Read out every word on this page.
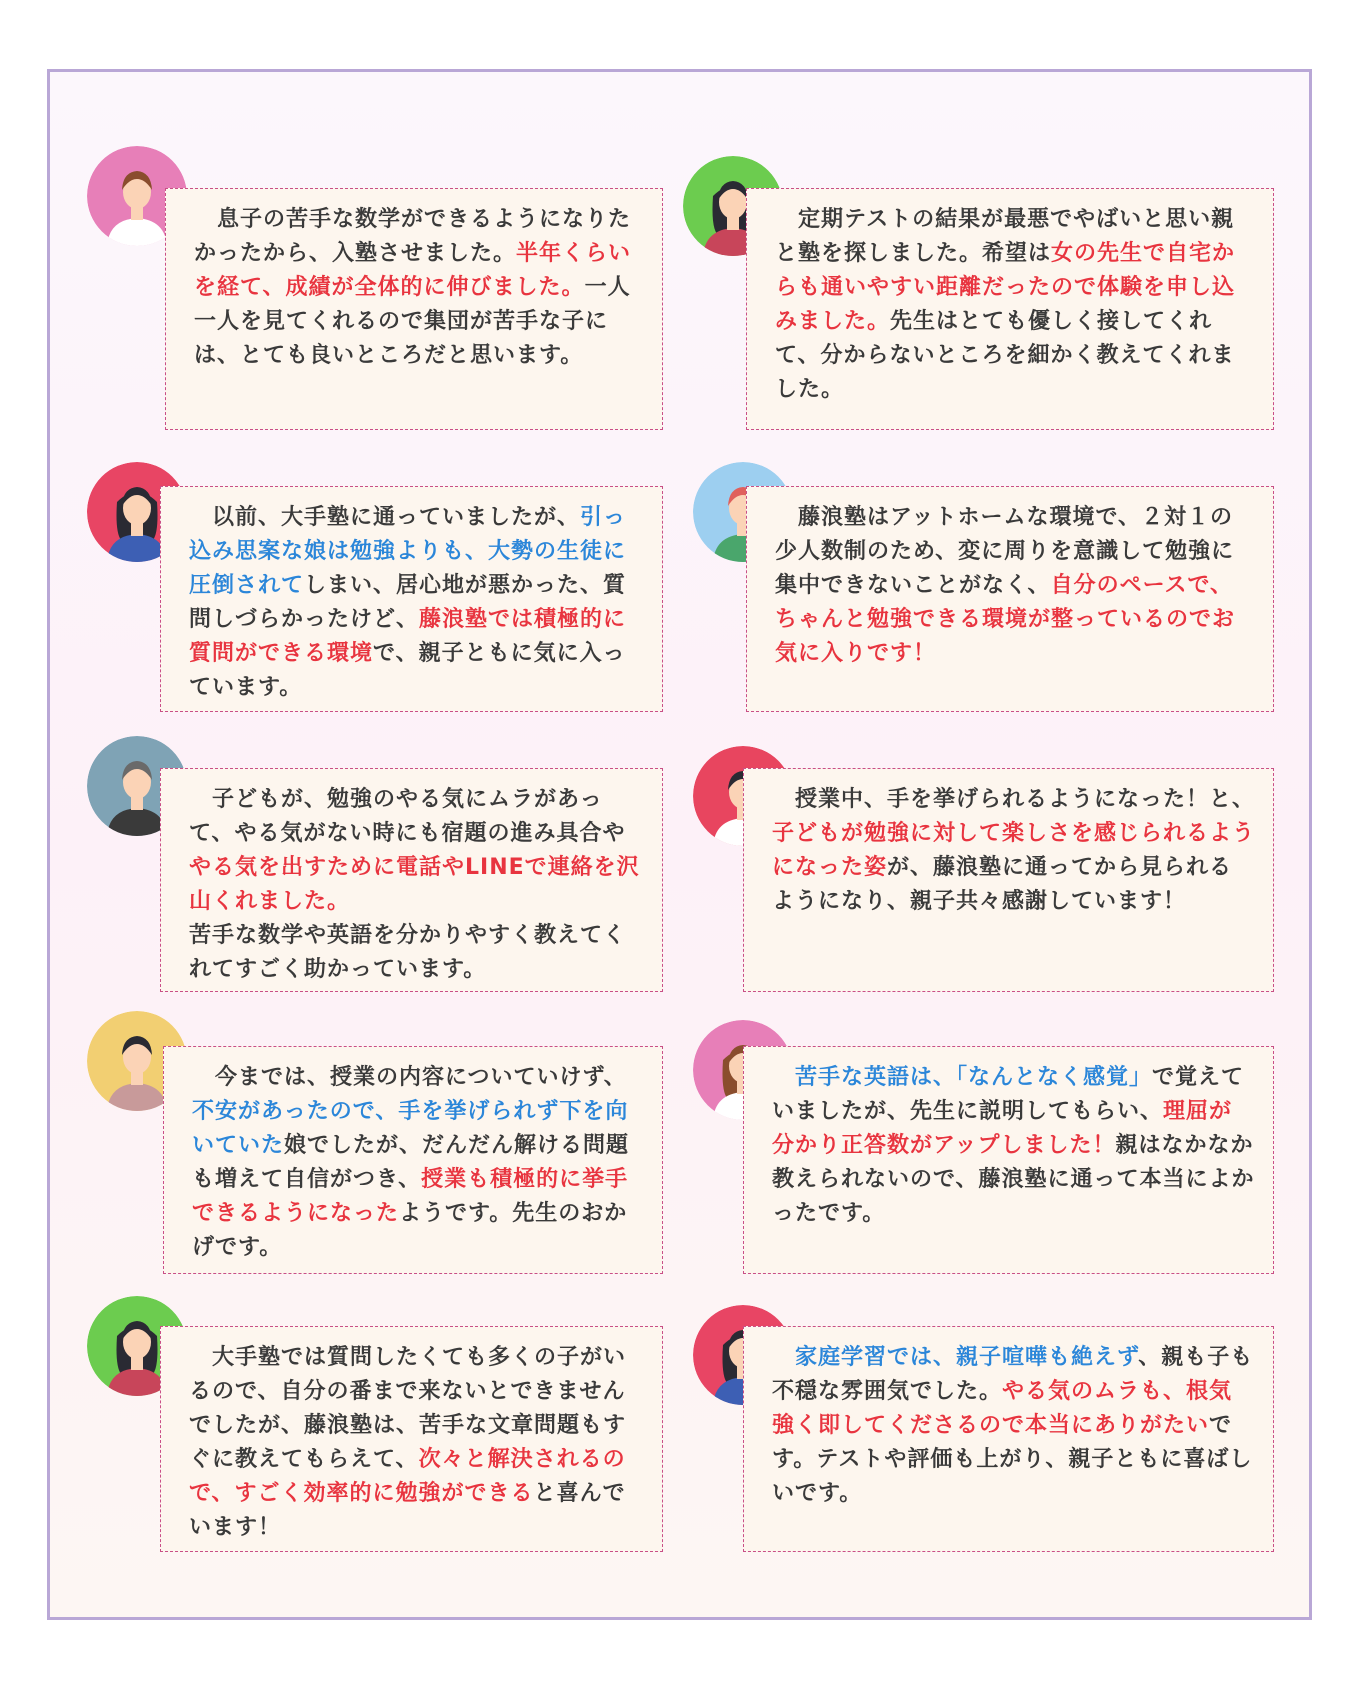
　息子の苦手な数学ができるようになりたかったから、入塾させました。半年くらいを経て、成績が全体的に伸びました。一人一人を見てくれるので集団が苦手な子には、とても良いところだと思います。

　定期テストの結果が最悪でやばいと思い親と塾を探しました。希望は女の先生で自宅からも通いやすい距離だったので体験を申し込みました。先生はとても優しく接してくれて、分からないところを細かく教えてくれました。

　以前、大手塾に通っていましたが、引っ込み思案な娘は勉強よりも、大勢の生徒に圧倒されてしまい、居心地が悪かった、質問しづらかったけど、藤浪塾では積極的に質問ができる環境で、親子ともに気に入っています。

　藤浪塾はアットホームな環境で、２対１の少人数制のため、変に周りを意識して勉強に集中できないことがなく、自分のペースで、ちゃんと勉強できる環境が整っているのでお気に入りです！

　子どもが、勉強のやる気にムラがあって、やる気がない時にも宿題の進み具合ややる気を出すために電話やLINEで連絡を沢山くれました。
苦手な数学や英語を分かりやすく教えてくれてすごく助かっています。

　授業中、手を挙げられるようになった！と、子どもが勉強に対して楽しさを感じられるようになった姿が、藤浪塾に通ってから見られるようになり、親子共々感謝しています！

　今までは、授業の内容についていけず、不安があったので、手を挙げられず下を向いていた娘でしたが、だんだん解ける問題も増えて自信がつき、授業も積極的に挙手できるようになったようです。先生のおかげです。

　苦手な英語は、「なんとなく感覚」で覚えていましたが、先生に説明してもらい、理屈が分かり正答数がアップしました！親はなかなか教えられないので、藤浪塾に通って本当によかったです。

　大手塾では質問したくても多くの子がいるので、自分の番まで来ないとできませんでしたが、藤浪塾は、苦手な文章問題もすぐに教えてもらえて、次々と解決されるので、すごく効率的に勉強ができると喜んでいます！

　家庭学習では、親子喧嘩も絶えず、親も子も不穏な雰囲気でした。やる気のムラも、根気強く即してくださるので本当にありがたいです。テストや評価も上がり、親子ともに喜ばしいです。
